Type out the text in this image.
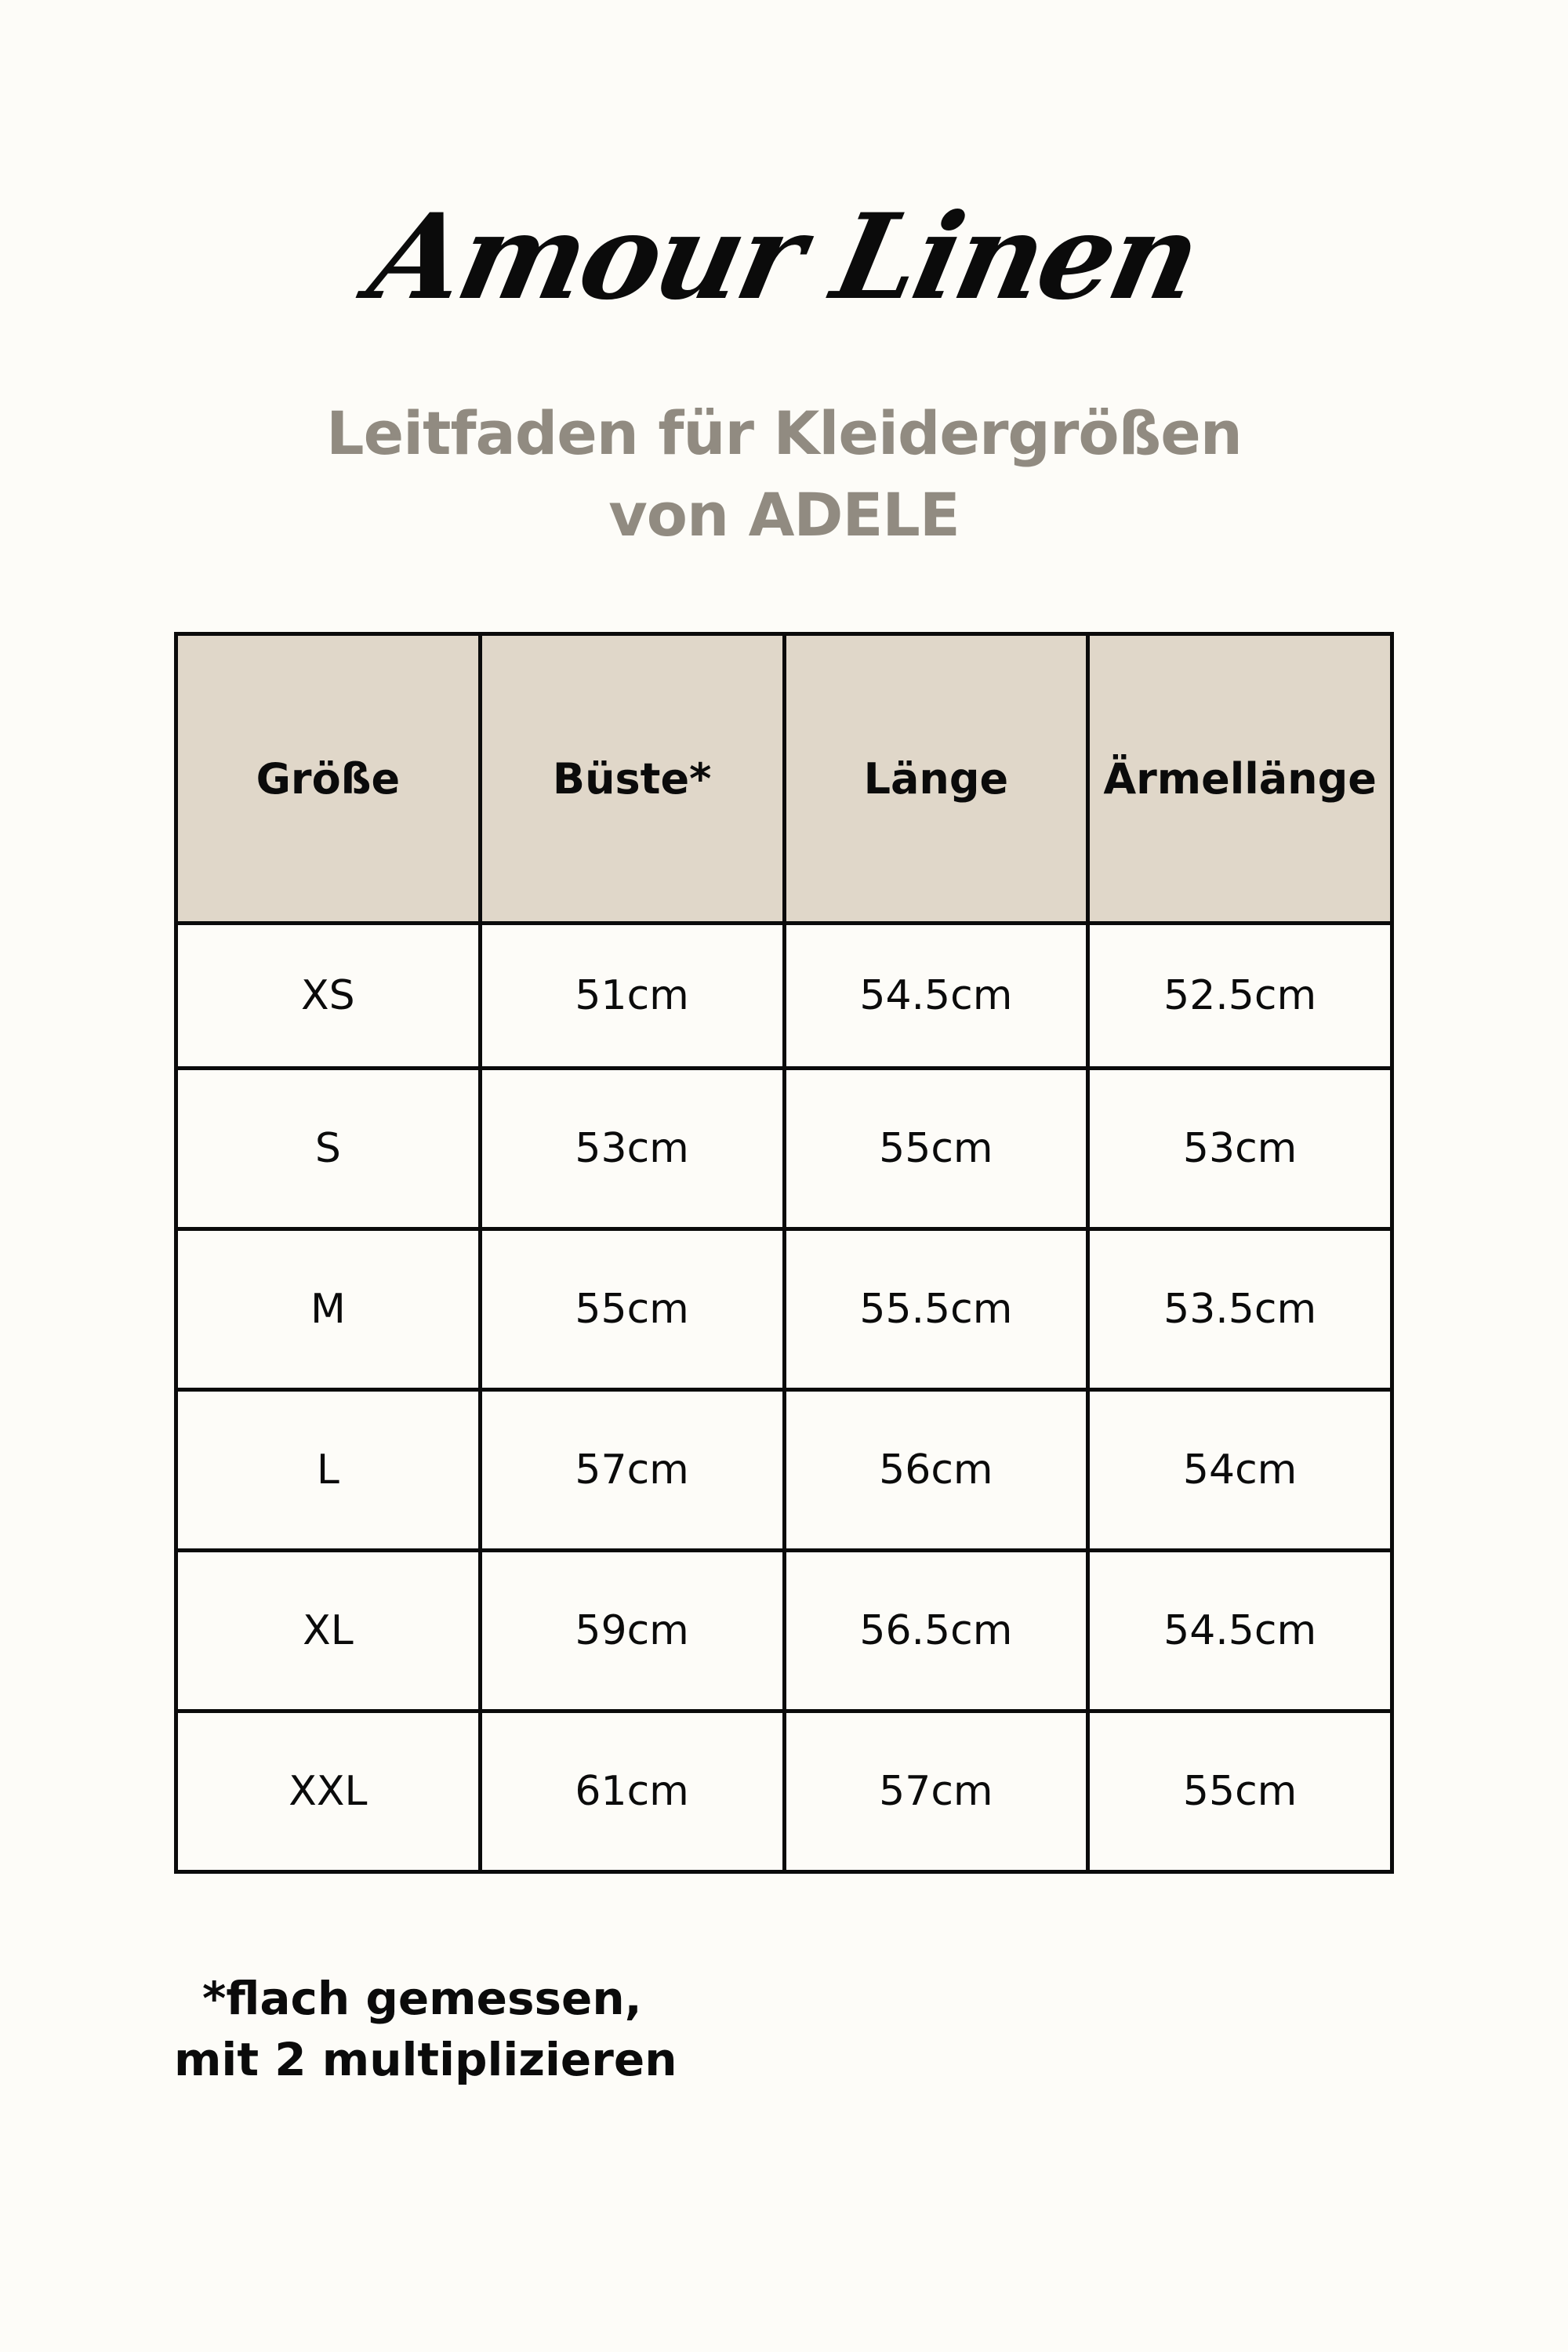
Amour Linen
Leitfaden für Kleidergrößen
von ADELE
Größe	Büste*	Länge	Ärmellänge
XS	51cm	54.5cm	52.5cm
S	53cm	55cm	53cm
M	55cm	55.5cm	53.5cm
L	57cm	56cm	54cm
XL	59cm	56.5cm	54.5cm
XXL	61cm	57cm	55cm
*flach gemessen,
mit 2 multiplizieren
